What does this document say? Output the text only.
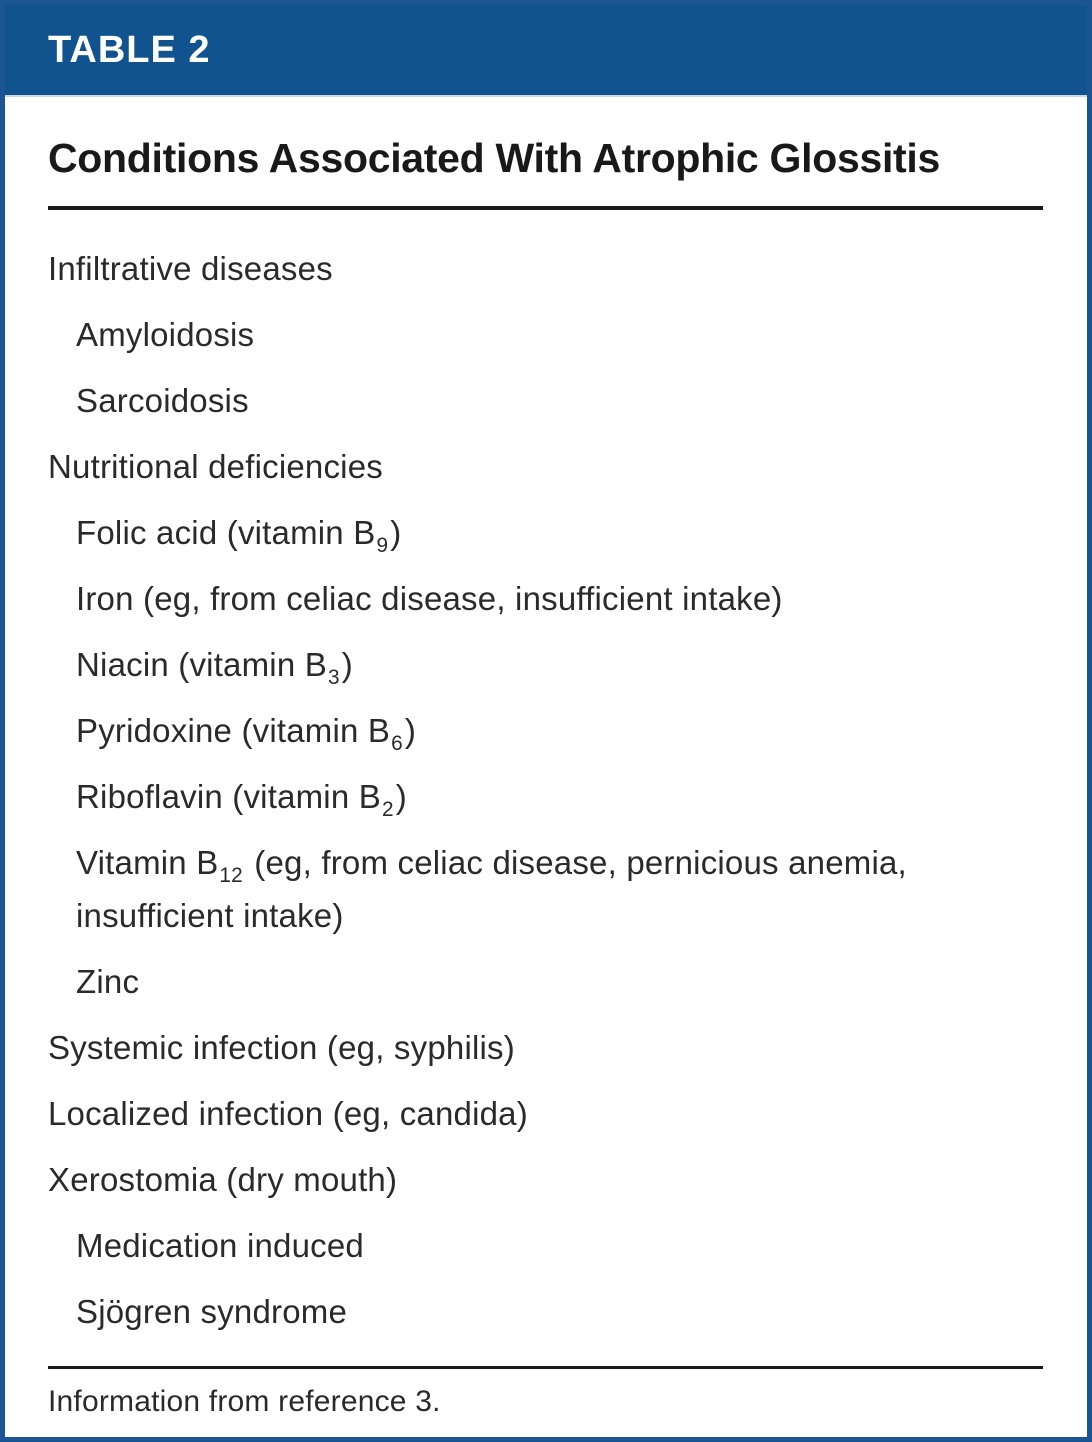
TABLE 2
Conditions Associated With Atrophic Glossitis
Infiltrative diseases
Amyloidosis
Sarcoidosis
Nutritional deficiencies
Folic acid (vitamin $B_9$)
Iron (eg, from celiac disease, insufficient intake)
Niacin (vitamin $B_3$)
Pyridoxine (vitamin $B_6$)
Riboflavin (vitamin $B_2$)
Vitamin $B_{12}$ (eg, from celiac disease, pernicious anemia, insufficient intake)
Zinc
Systemic infection (eg, syphilis)
Localized infection (eg, candida)
Xerostomia (dry mouth)
Medication induced
Sjögren syndrome
Information from reference 3.
